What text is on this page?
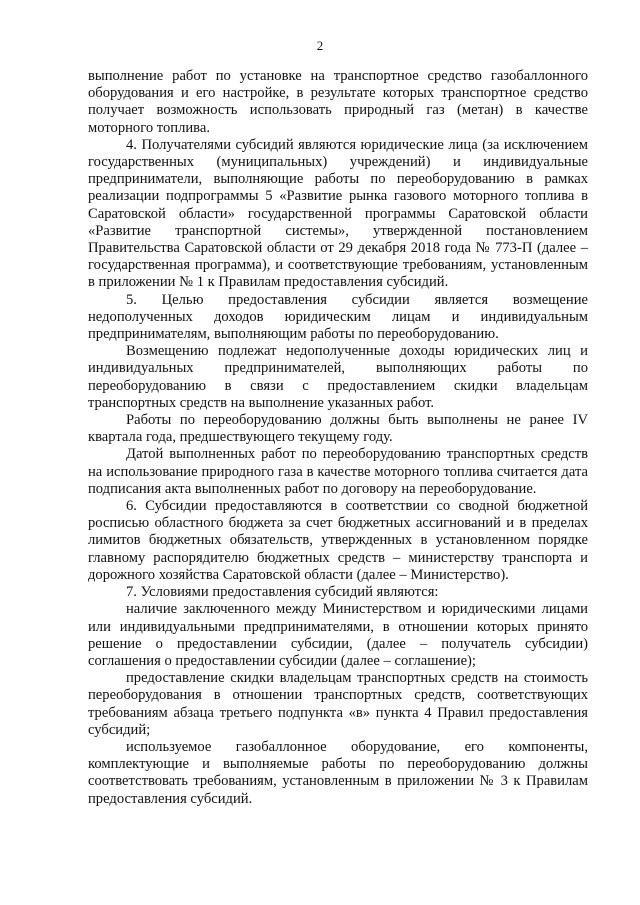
2

выполнение работ по установке на транспортное средство газобаллонного оборудования и его настройке, в результате которых транспортное средство получает возможность использовать природный газ (метан) в качестве моторного топлива.

4. Получателями субсидий являются юридические лица (за исключением государственных (муниципальных) учреждений) и индивидуальные предприниматели, выполняющие работы по переоборудованию в рамках реализации подпрограммы 5 «Развитие рынка газового моторного топлива в Саратовской области» государственной программы Саратовской области «Развитие транспортной системы», утвержденной постановлением Правительства Саратовской области от 29 декабря 2018 года № 773-П (далее – государственная программа), и соответствующие требованиям, установленным в приложении № 1 к Правилам предоставления субсидий.

5. Целью предоставления субсидии является возмещение недополученных доходов юридическим лицам и индивидуальным предпринимателям, выполняющим работы по переоборудованию.

Возмещению подлежат недополученные доходы юридических лиц и индивидуальных предпринимателей, выполняющих работы по переоборудованию в связи с предоставлением скидки владельцам транспортных средств на выполнение указанных работ.

Работы по переоборудованию должны быть выполнены не ранее IV квартала года, предшествующего текущему году.

Датой выполненных работ по переоборудованию транспортных средств на использование природного газа в качестве моторного топлива считается дата подписания акта выполненных работ по договору на переоборудование.

6. Субсидии предоставляются в соответствии со сводной бюджетной росписью областного бюджета за счет бюджетных ассигнований и в пределах лимитов бюджетных обязательств, утвержденных в установленном порядке главному распорядителю бюджетных средств – министерству транспорта и дорожного хозяйства Саратовской области (далее – Министерство).

7. Условиями предоставления субсидий являются:

наличие заключенного между Министерством и юридическими лицами или индивидуальными предпринимателями, в отношении которых принято решение о предоставлении субсидии, (далее – получатель субсидии) соглашения о предоставлении субсидии (далее – соглашение);

предоставление скидки владельцам транспортных средств на стоимость переоборудования в отношении транспортных средств, соответствующих требованиям абзаца третьего подпункта «в» пункта 4 Правил предоставления субсидий;

используемое газобаллонное оборудование, его компоненты, комплектующие и выполняемые работы по переоборудованию должны соответствовать требованиям, установленным в приложении № 3 к Правилам предоставления субсидий.
